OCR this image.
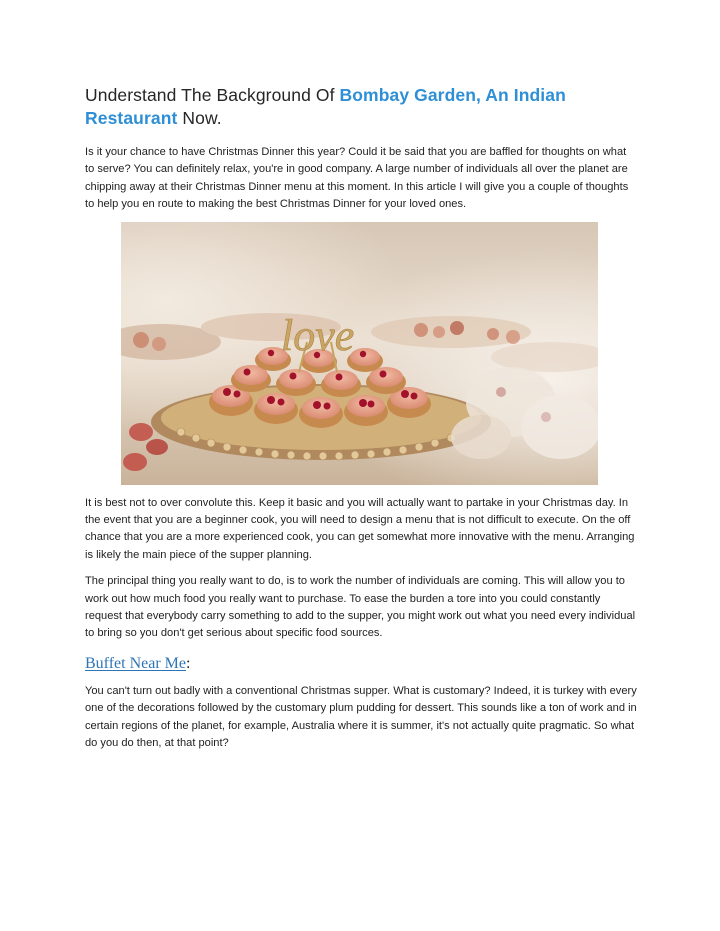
Understand The Background Of Bombay Garden, An Indian Restaurant Now.

Is it your chance to have Christmas Dinner this year? Could it be said that you are baffled for thoughts on what to serve? You can definitely relax, you're in good company. A large number of individuals all over the planet are chipping away at their Christmas Dinner menu at this moment. In this article I will give you a couple of thoughts to help you en route to making the best Christmas Dinner for your loved ones.

love

It is best not to over convolute this. Keep it basic and you will actually want to partake in your Christmas day. In the event that you are a beginner cook, you will need to design a menu that is not difficult to execute. On the off chance that you are a more experienced cook, you can get somewhat more innovative with the menu. Arranging is likely the main piece of the supper planning.

The principal thing you really want to do, is to work the number of individuals are coming. This will allow you to work out how much food you really want to purchase. To ease the burden a tore into you could constantly request that everybody carry something to add to the supper, you might work out what you need every individual to bring so you don't get serious about specific food sources.

Buffet Near Me:

You can't turn out badly with a conventional Christmas supper. What is customary? Indeed, it is turkey with every one of the decorations followed by the customary plum pudding for dessert. This sounds like a ton of work and in certain regions of the planet, for example, Australia where it is summer, it's not actually quite pragmatic. So what do you do then, at that point?
